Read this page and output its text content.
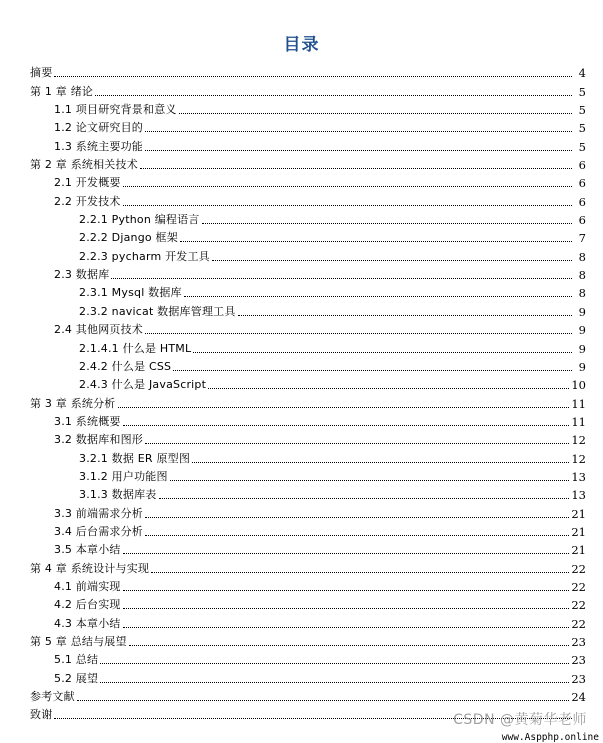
目录
摘要	4
第 1 章 绪论	5
1.1 项目研究背景和意义	5
1.2 论文研究目的	5
1.3 系统主要功能	5
第 2 章 系统相关技术	6
2.1 开发概要	6
2.2 开发技术	6
2.2.1 Python 编程语言	6
2.2.2 Django 框架	7
2.2.3 pycharm 开发工具	8
2.3 数据库	8
2.3.1 Mysql 数据库	8
2.3.2 navicat 数据库管理工具	9
2.4 其他网页技术	9
2.1.4.1 什么是 HTML	9
2.4.2 什么是 CSS	9
2.4.3 什么是 JavaScript	10
第 3 章 系统分析	11
3.1 系统概要	11
3.2 数据库和图形	12
3.2.1 数据 ER 原型图	12
3.1.2 用户功能图	13
3.1.3 数据库表	13
3.3 前端需求分析	21
3.4 后台需求分析	21
3.5 本章小结	21
第 4 章 系统设计与实现	22
4.1 前端实现	22
4.2 后台实现	22
4.3 本章小结	22
第 5 章 总结与展望	23
5.1 总结	23
5.2 展望	23
参考文献	24
致谢	CSDN @黄菊华老师
www.Aspphp.online
